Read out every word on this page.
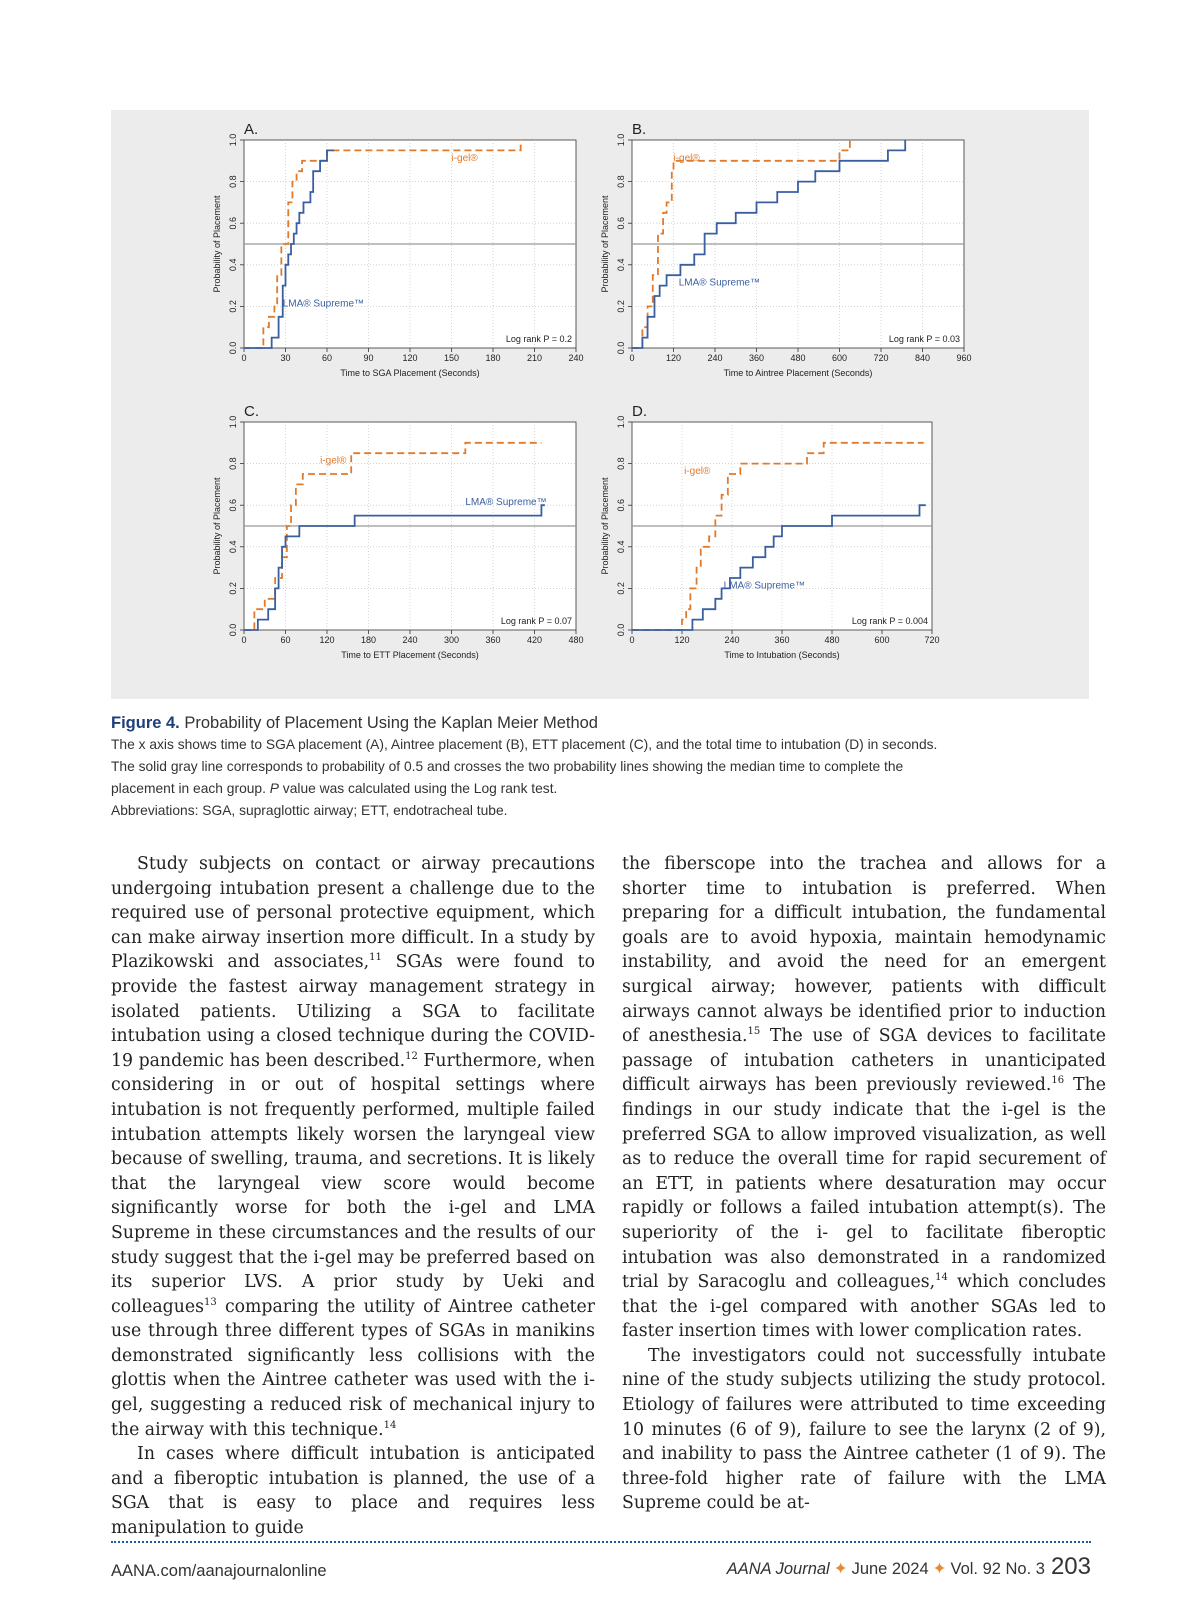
0	30	60	90	120	150	180	210	240
0.0
0.2
0.4
0.6
0.8
1.0
Time to SGA Placement (Seconds)
Probability of Placement
A.
i-gel®
LMA® Supreme™
Log rank P = 0.2
0	120	240	360	480	600	720	840	960
0.0
0.2
0.4
0.6
0.8
1.0
Time to Aintree Placement (Seconds)
Probability of Placement
B.
i-gel®
LMA® Supreme™
Log rank P = 0.03
0	60	120	180	240	300	360	420	480
0.0
0.2
0.4
0.6
0.8
1.0
Time to ETT Placement (Seconds)
Probability of Placement
C.
i-gel®
LMA® Supreme™
Log rank P = 0.07
0	120	240	360	480	600	720
0.0
0.2
0.4
0.6
0.8
1.0
Time to Intubation (Seconds)
Probability of Placement
D.
i-gel®
LMA® Supreme™
Log rank P = 0.004
Figure 4. Probability of Placement Using the Kaplan Meier Method
The x axis shows time to SGA placement (A), Aintree placement (B), ETT placement (C), and the total time to intubation (D) in seconds.
The solid gray line corresponds to probability of 0.5 and crosses the two probability lines showing the median time to complete the
placement in each group. P value was calculated using the Log rank test.
Abbreviations: SGA, supraglottic airway; ETT, endotracheal tube.

Study subjects on contact or airway precautions undergoing intubation present a challenge due to the required use of personal protective equipment, which can make airway insertion more difficult. In a study by Plazikowski and associates,$^{11}$ SGAs were found to provide the fastest airway management strategy in isolated patients. Utilizing a SGA to facilitate intubation using a closed technique during the COVID-19 pandemic has been described.$^{12}$ Furthermore, when considering in or out of hospital settings where intubation is not frequently performed, multiple failed intubation attempts likely worsen the laryngeal view because of swelling, trauma, and secretions. It is likely that the laryngeal view score would become significantly worse for both the i-gel and LMA Supreme in these circumstances and the results of our study suggest that the i-gel may be preferred based on its superior LVS. A prior study by Ueki and colleagues$^{13}$ comparing the utility of Aintree catheter use through three different types of SGAs in manikins demonstrated significantly less collisions with the glottis when the Aintree catheter was used with the i-gel, suggesting a reduced risk of mechanical injury to the airway with this technique.$^{14}$

In cases where difficult intubation is anticipated and a fiberoptic intubation is planned, the use of a SGA that is easy to place and requires less manipulation to guide

the fiberscope into the trachea and allows for a shorter time to intubation is preferred. When preparing for a difficult intubation, the fundamental goals are to avoid hypoxia, maintain hemodynamic instability, and avoid the need for an emergent surgical airway; however, patients with difficult airways cannot always be identified prior to induction of anesthesia.$^{15}$ The use of SGA devices to facilitate passage of intubation catheters in unanticipated difficult airways has been previously reviewed.$^{16}$ The findings in our study indicate that the i-gel is the preferred SGA to allow improved visualization, as well as to reduce the overall time for rapid securement of an ETT, in patients where desaturation may occur rapidly or follows a failed intubation attempt(s). The superiority of the i- gel to facilitate fiberoptic intubation was also demonstrated in a randomized trial by Saracoglu and colleagues,$^{14}$ which concludes that the i-gel compared with another SGAs led to faster insertion times with lower complication rates.

The investigators could not successfully intubate nine of the study subjects utilizing the study protocol. Etiology of failures were attributed to time exceeding 10 minutes (6 of 9), failure to see the larynx (2 of 9), and inability to pass the Aintree catheter (1 of 9). The three-fold higher rate of failure with the LMA Supreme could be at-

AANA.com/aanajournalonline	AANA Journal ✦ June 2024 ✦ Vol. 92 No. 3 203
